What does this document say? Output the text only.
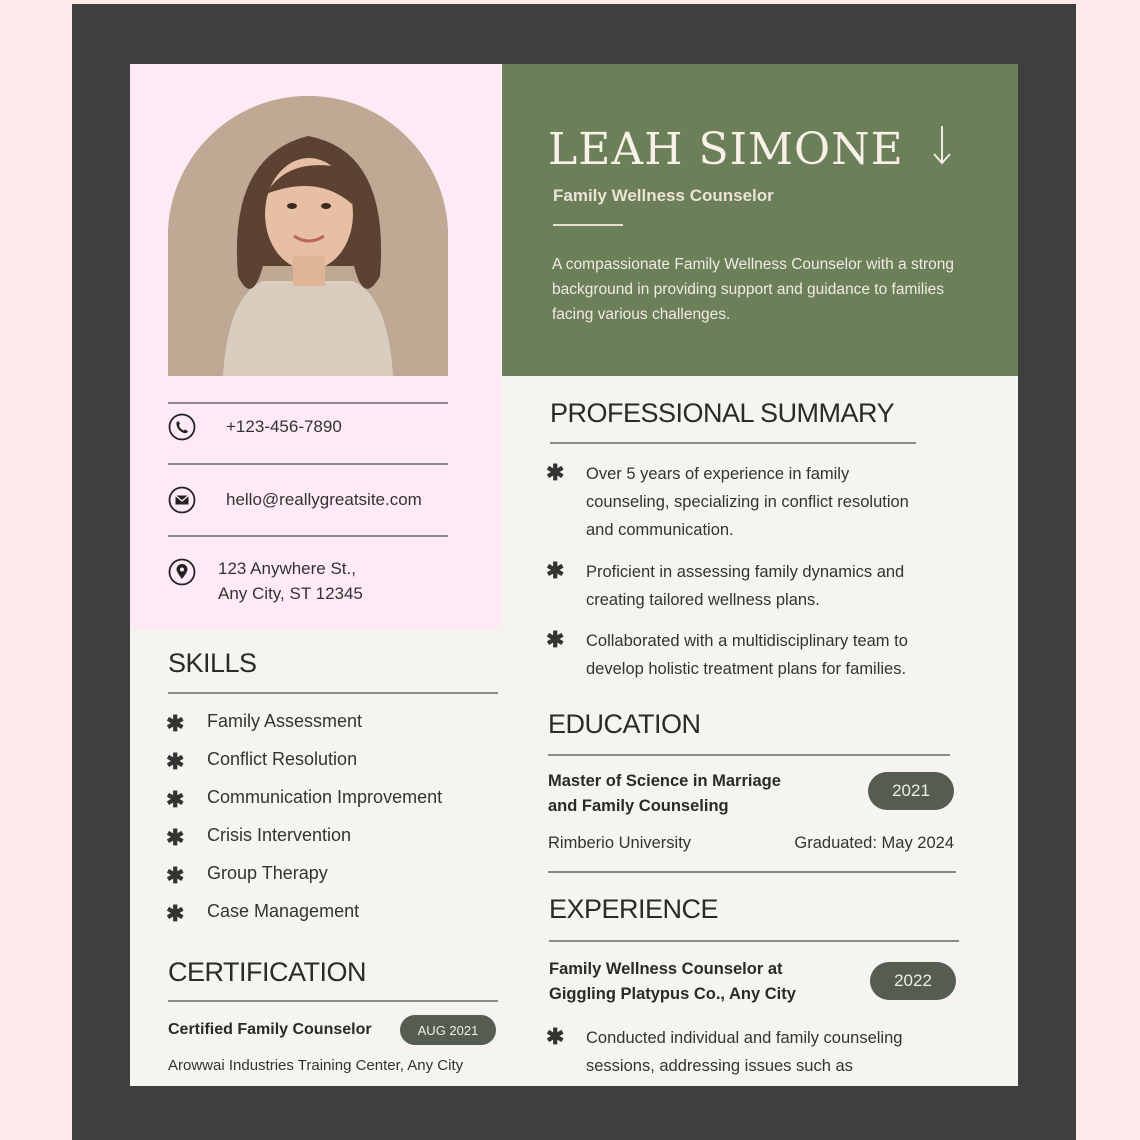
LEAH SIMONE
Family Wellness Counselor
A compassionate Family Wellness Counselor with a strong background in providing support and guidance to families facing various challenges.
+123-456-7890
hello@reallygreatsite.com
123 Anywhere St.,
Any City, ST 12345
SKILLS
✱ Family Assessment
✱ Conflict Resolution
✱ Communication Improvement
✱ Crisis Intervention
✱ Group Therapy
✱ Case Management
CERTIFICATION
Certified Family Counselor	AUG 2021
Arowwai Industries Training Center, Any City
PROFESSIONAL SUMMARY
✱ Over 5 years of experience in family counseling, specializing in conflict resolution and communication.
✱ Proficient in assessing family dynamics and creating tailored wellness plans.
✱ Collaborated with a multidisciplinary team to develop holistic treatment plans for families.
EDUCATION
Master of Science in Marriage
and Family Counseling
2021
Rimberio University	Graduated: May 2024
EXPERIENCE
Family Wellness Counselor at
Giggling Platypus Co., Any City
2022
✱ Conducted individual and family counseling sessions, addressing issues such as
